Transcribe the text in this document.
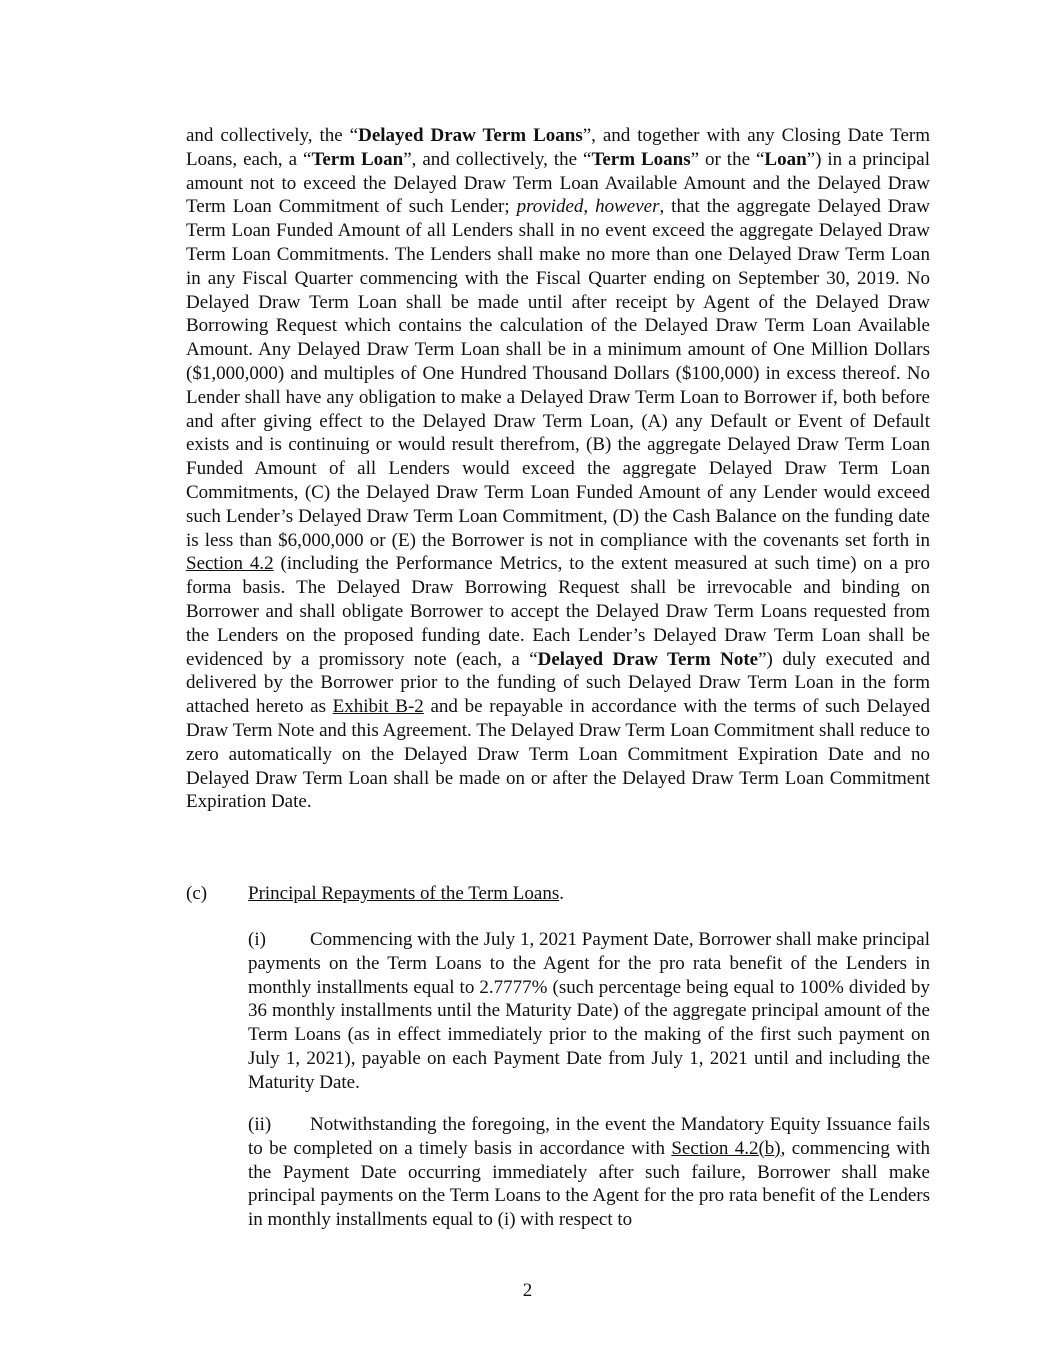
and collectively, the “Delayed Draw Term Loans”, and together with any Closing Date Term Loans, each, a “Term Loan”, and collectively, the “Term Loans” or the “Loan”) in a principal amount not to exceed the Delayed Draw Term Loan Available Amount and the Delayed Draw Term Loan Commitment of such Lender; provided, however, that the aggregate Delayed Draw Term Loan Funded Amount of all Lenders shall in no event exceed the aggregate Delayed Draw Term Loan Commitments. The Lenders shall make no more than one Delayed Draw Term Loan in any Fiscal Quarter commencing with the Fiscal Quarter ending on September 30, 2019. No Delayed Draw Term Loan shall be made until after receipt by Agent of the Delayed Draw Borrowing Request which contains the calculation of the Delayed Draw Term Loan Available Amount. Any Delayed Draw Term Loan shall be in a minimum amount of One Million Dollars ($1,000,000) and multiples of One Hundred Thousand Dollars ($100,000) in excess thereof. No Lender shall have any obligation to make a Delayed Draw Term Loan to Borrower if, both before and after giving effect to the Delayed Draw Term Loan, (A) any Default or Event of Default exists and is continuing or would result therefrom, (B) the aggregate Delayed Draw Term Loan Funded Amount of all Lenders would exceed the aggregate Delayed Draw Term Loan Commitments, (C) the Delayed Draw Term Loan Funded Amount of any Lender would exceed such Lender’s Delayed Draw Term Loan Commitment, (D) the Cash Balance on the funding date is less than $6,000,000 or (E) the Borrower is not in compliance with the covenants set forth in Section 4.2 (including the Performance Metrics, to the extent measured at such time) on a pro forma basis. The Delayed Draw Borrowing Request shall be irrevocable and binding on Borrower and shall obligate Borrower to accept the Delayed Draw Term Loans requested from the Lenders on the proposed funding date. Each Lender’s Delayed Draw Term Loan shall be evidenced by a promissory note (each, a “Delayed Draw Term Note”) duly executed and delivered by the Borrower prior to the funding of such Delayed Draw Term Loan in the form attached hereto as Exhibit B-2 and be repayable in accordance with the terms of such Delayed Draw Term Note and this Agreement. The Delayed Draw Term Loan Commitment shall reduce to zero automatically on the Delayed Draw Term Loan Commitment Expiration Date and no Delayed Draw Term Loan shall be made on or after the Delayed Draw Term Loan Commitment Expiration Date.

(c) Principal Repayments of the Term Loans.

(i) Commencing with the July 1, 2021 Payment Date, Borrower shall make principal payments on the Term Loans to the Agent for the pro rata benefit of the Lenders in monthly installments equal to 2.7777% (such percentage being equal to 100% divided by 36 monthly installments until the Maturity Date) of the aggregate principal amount of the Term Loans (as in effect immediately prior to the making of the first such payment on July 1, 2021), payable on each Payment Date from July 1, 2021 until and including the Maturity Date.

(ii) Notwithstanding the foregoing, in the event the Mandatory Equity Issuance fails to be completed on a timely basis in accordance with Section 4.2(b), commencing with the Payment Date occurring immediately after such failure, Borrower shall make principal payments on the Term Loans to the Agent for the pro rata benefit of the Lenders in monthly installments equal to (i) with respect to

2
